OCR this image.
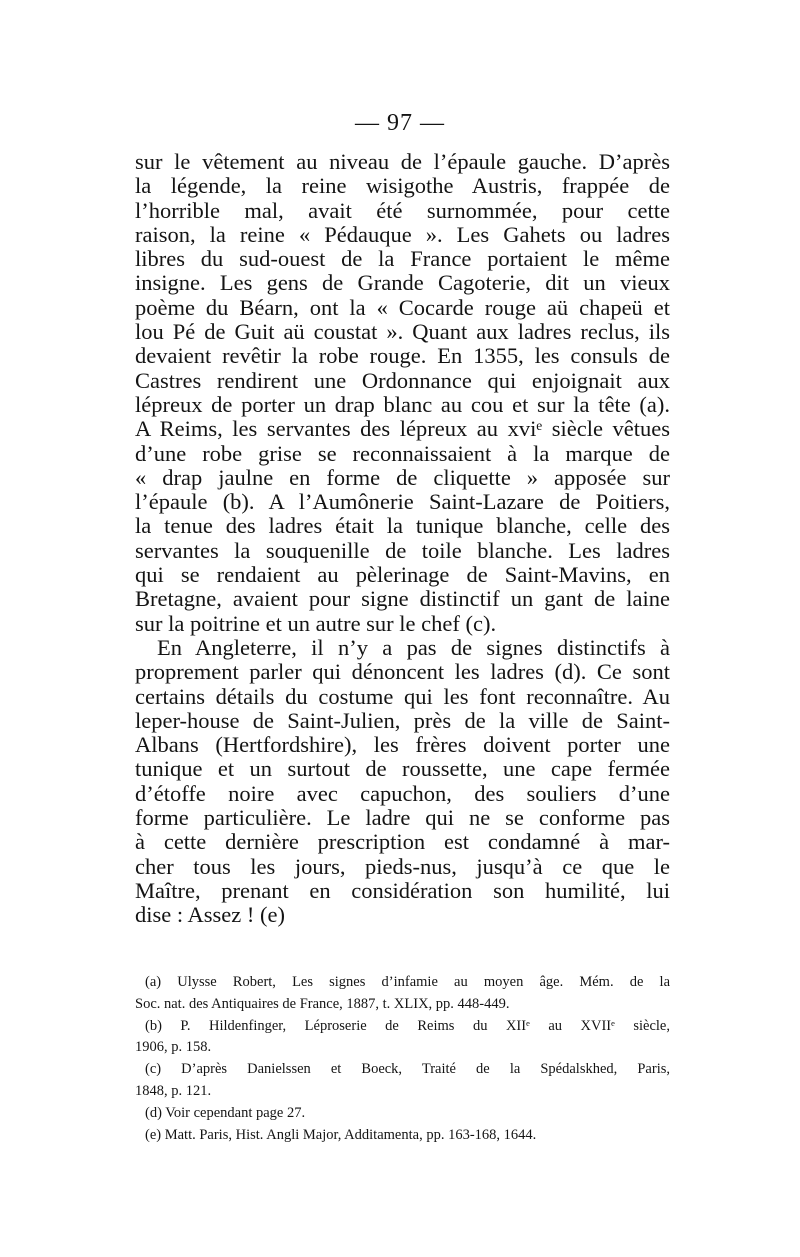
— 97 —
sur le vêtement au niveau de l’épaule gauche. D’après
la légende, la reine wisigothe Austris, frappée de
l’horrible mal, avait été surnommée, pour cette
raison, la reine « Pédauque ». Les Gahets ou ladres
libres du sud-ouest de la France portaient le même
insigne. Les gens de Grande Cagoterie, dit un vieux
poème du Béarn, ont la « Cocarde rouge aü chapeü et
lou Pé de Guit aü coustat ». Quant aux ladres reclus, ils
devaient revêtir la robe rouge. En 1355, les consuls de
Castres rendirent une Ordonnance qui enjoignait aux
lépreux de porter un drap blanc au cou et sur la tête (a).
A Reims, les servantes des lépreux au xviᵉ siècle vêtues
d’une robe grise se reconnaissaient à la marque de
« drap jaulne en forme de cliquette » apposée sur
l’épaule (b). A l’Aumônerie Saint-Lazare de Poitiers,
la tenue des ladres était la tunique blanche, celle des
servantes la souquenille de toile blanche. Les ladres
qui se rendaient au pèlerinage de Saint-Mavins, en
Bretagne, avaient pour signe distinctif un gant de laine
sur la poitrine et un autre sur le chef (c).
En Angleterre, il n’y a pas de signes distinctifs à
proprement parler qui dénoncent les ladres (d). Ce sont
certains détails du costume qui les font reconnaître. Au
leper-house de Saint-Julien, près de la ville de Saint-
Albans (Hertfordshire), les frères doivent porter une
tunique et un surtout de roussette, une cape fermée
d’étoffe noire avec capuchon, des souliers d’une
forme particulière. Le ladre qui ne se conforme pas
à cette dernière prescription est condamné à mar-
cher tous les jours, pieds-nus, jusqu’à ce que le
Maître, prenant en considération son humilité, lui
dise : Assez ! (e)
(a) Ulysse Robert, Les signes d’infamie au moyen âge. Mém. de la
Soc. nat. des Antiquaires de France, 1887, t. XLIX, pp. 448-449.
(b) P. Hildenfinger, Léproserie de Reims du XIIᵉ au XVIIᵉ siècle,
1906, p. 158.
(c) D’après Danielssen et Boeck, Traité de la Spédalskhed, Paris,
1848, p. 121.
(d) Voir cependant page 27.
(e) Matt. Paris, Hist. Angli Major, Additamenta, pp. 163-168, 1644.
